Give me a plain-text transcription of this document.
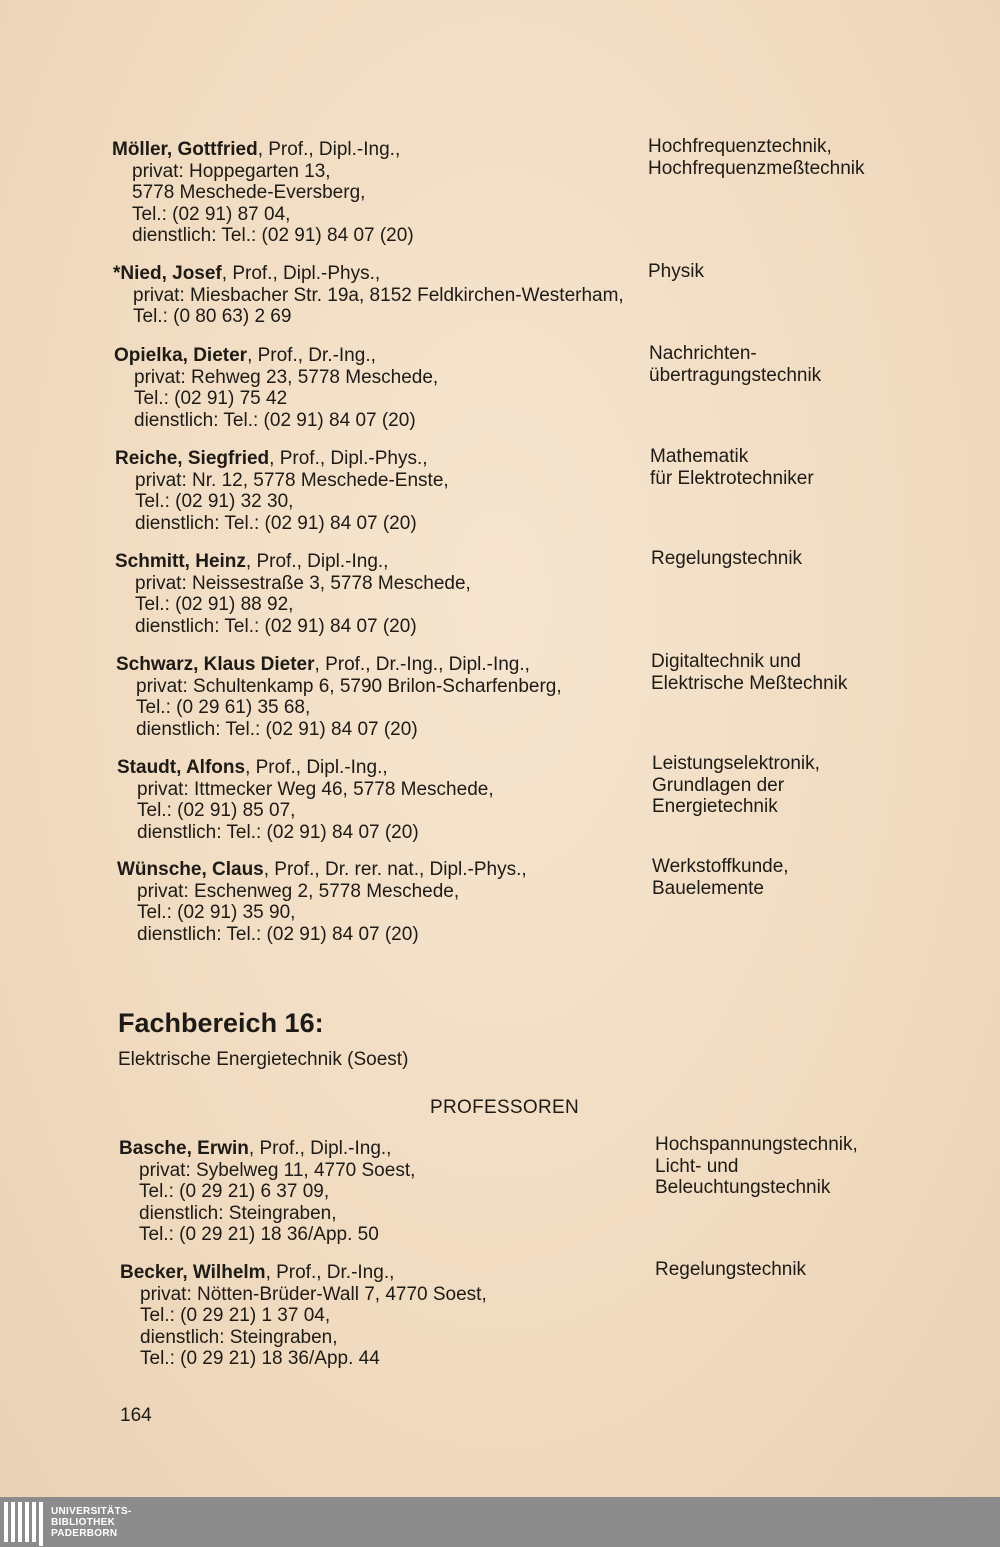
Möller, Gottfried, Prof., Dipl.-Ing.,
privat: Hoppegarten 13,
5778 Meschede-Eversberg,
Tel.: (02 91) 87 04,
dienstlich: Tel.: (02 91) 84 07 (20)
Hochfrequenztechnik,
Hochfrequenzmeßtechnik
*Nied, Josef, Prof., Dipl.-Phys.,
privat: Miesbacher Str. 19a, 8152 Feldkirchen-Westerham,
Tel.: (0 80 63) 2 69
Physik
Opielka, Dieter, Prof., Dr.-Ing.,
privat: Rehweg 23, 5778 Meschede,
Tel.: (02 91) 75 42
dienstlich: Tel.: (02 91) 84 07 (20)
Nachrichten-
übertragungstechnik
Reiche, Siegfried, Prof., Dipl.-Phys.,
privat: Nr. 12, 5778 Meschede-Enste,
Tel.: (02 91) 32 30,
dienstlich: Tel.: (02 91) 84 07 (20)
Mathematik
für Elektrotechniker
Schmitt, Heinz, Prof., Dipl.-Ing.,
privat: Neissestraße 3, 5778 Meschede,
Tel.: (02 91) 88 92,
dienstlich: Tel.: (02 91) 84 07 (20)
Regelungstechnik
Schwarz, Klaus Dieter, Prof., Dr.-Ing., Dipl.-Ing.,
privat: Schultenkamp 6, 5790 Brilon-Scharfenberg,
Tel.: (0 29 61) 35 68,
dienstlich: Tel.: (02 91) 84 07 (20)
Digitaltechnik und
Elektrische Meßtechnik
Staudt, Alfons, Prof., Dipl.-Ing.,
privat: Ittmecker Weg 46, 5778 Meschede,
Tel.: (02 91) 85 07,
dienstlich: Tel.: (02 91) 84 07 (20)
Leistungselektronik,
Grundlagen der
Energietechnik
Wünsche, Claus, Prof., Dr. rer. nat., Dipl.-Phys.,
privat: Eschenweg 2, 5778 Meschede,
Tel.: (02 91) 35 90,
dienstlich: Tel.: (02 91) 84 07 (20)
Werkstoffkunde,
Bauelemente
Fachbereich 16:
Elektrische Energietechnik (Soest)
PROFESSOREN
Basche, Erwin, Prof., Dipl.-Ing.,
privat: Sybelweg 11, 4770 Soest,
Tel.: (0 29 21) 6 37 09,
dienstlich: Steingraben,
Tel.: (0 29 21) 18 36/App. 50
Hochspannungstechnik,
Licht- und
Beleuchtungstechnik
Becker, Wilhelm, Prof., Dr.-Ing.,
privat: Nötten-Brüder-Wall 7, 4770 Soest,
Tel.: (0 29 21) 1 37 04,
dienstlich: Steingraben,
Tel.: (0 29 21) 18 36/App. 44
Regelungstechnik
164
UNIVERSITÄTS-
BIBLIOTHEK
PADERBORN
